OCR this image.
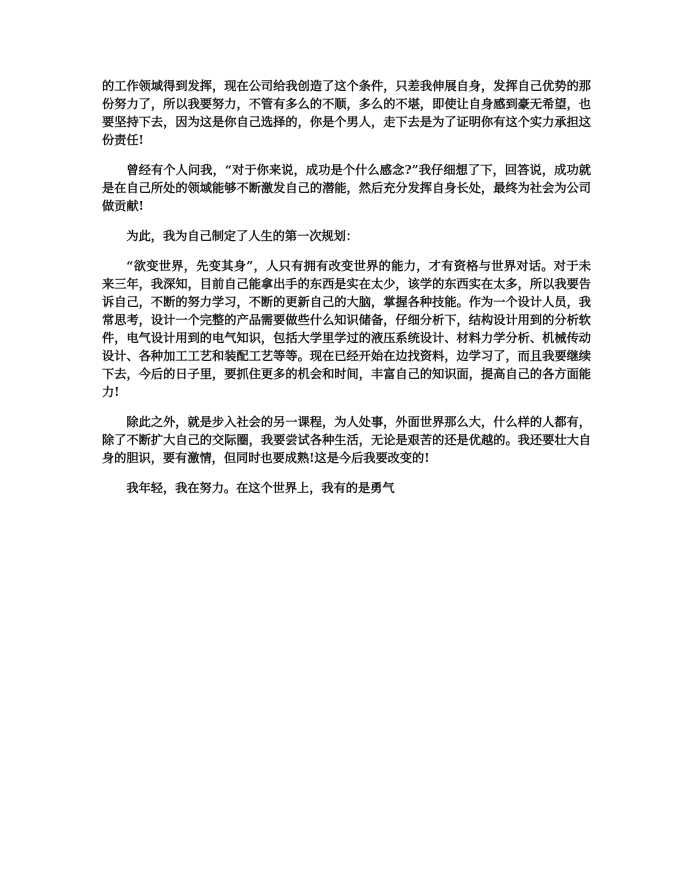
的工作领域得到发挥，现在公司给我创造了这个条件，只差我伸展自身，发挥自己优势的那份努力了，所以我要努力，不管有多么的不顺，多么的不堪，即使让自身感到豪无希望，也要坚持下去，因为这是你自己选择的，你是个男人，走下去是为了证明你有这个实力承担这份责任!

曾经有个人问我，“对于你来说，成功是个什么感念?”我仔细想了下，回答说，成功就是在自己所处的领域能够不断激发自己的潜能，然后充分发挥自身长处，最终为社会为公司做贡献!

为此，我为自己制定了人生的第一次规划：

“欲变世界，先变其身”，人只有拥有改变世界的能力，才有资格与世界对话。对于未来三年，我深知，目前自己能拿出手的东西是实在太少，该学的东西实在太多，所以我要告诉自己，不断的努力学习，不断的更新自己的大脑，掌握各种技能。作为一个设计人员，我常思考，设计一个完整的产品需要做些什么知识储备，仔细分析下，结构设计用到的分析软件，电气设计用到的电气知识，包括大学里学过的液压系统设计、材料力学分析、机械传动设计、各种加工工艺和装配工艺等等。现在已经开始在边找资料，边学习了，而且我要继续下去，今后的日子里，要抓住更多的机会和时间，丰富自己的知识面，提高自己的各方面能力!

除此之外，就是步入社会的另一课程，为人处事，外面世界那么大，什么样的人都有，除了不断扩大自己的交际圈，我要尝试各种生活，无论是艰苦的还是优越的。我还要壮大自身的胆识，要有激情，但同时也要成熟!这是今后我要改变的!

我年轻，我在努力。在这个世界上，我有的是勇气
